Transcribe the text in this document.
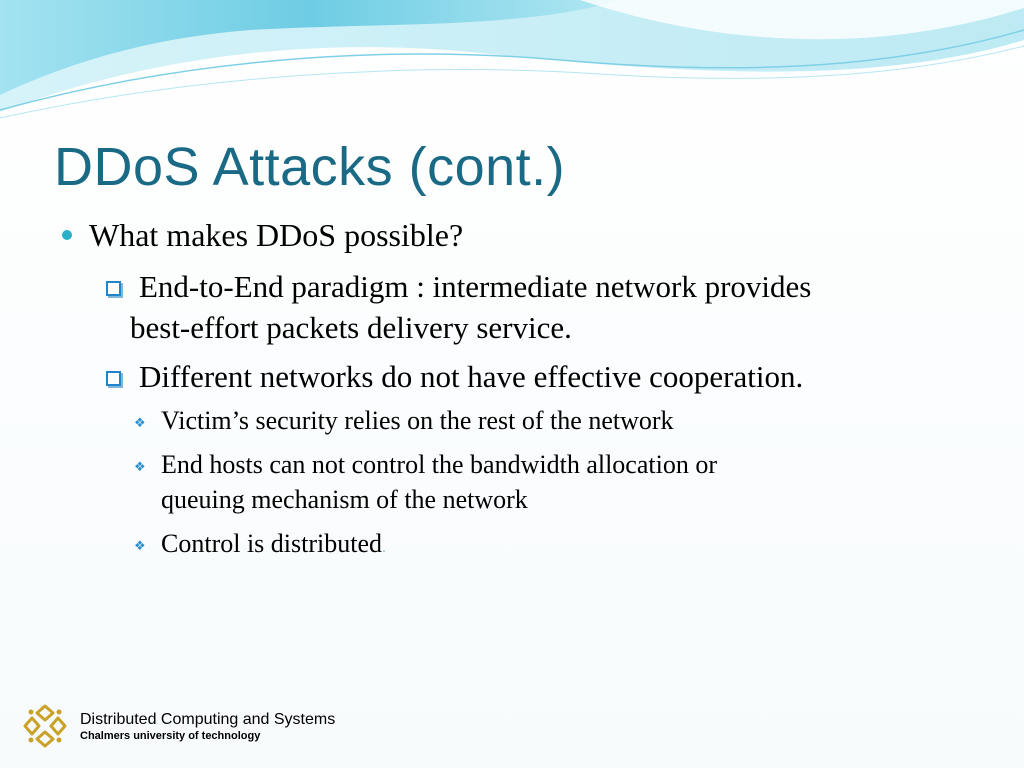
DDoS Attacks (cont.)
What makes DDoS possible?
End-to-End paradigm : intermediate network provides
best-effort packets delivery service.
Different networks do not have effective cooperation.
❖ Victim’s security relies on the rest of the network
❖ End hosts can not control the bandwidth allocation or
queuing mechanism of the network
❖ Control is distributed.
Distributed Computing and Systems
Chalmers university of technology
